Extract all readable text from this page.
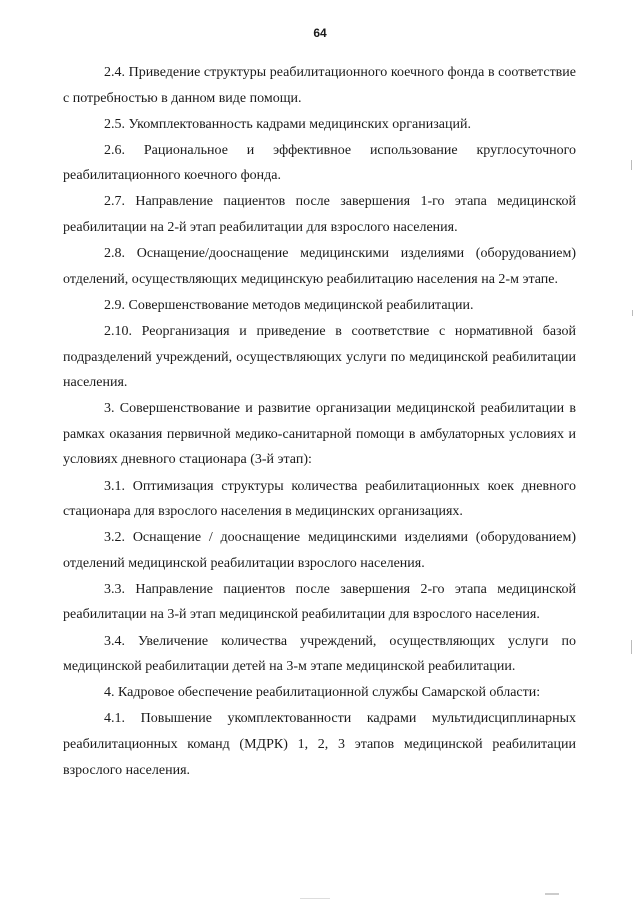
64

2.4. Приведение структуры реабилитационного коечного фонда в соответствие с потребностью в данном виде помощи.

2.5. Укомплектованность кадрами медицинских организаций.

2.6. Рациональное и эффективное использование круглосуточного реабилитационного коечного фонда.

2.7. Направление пациентов после завершения 1-го этапа медицинской реабилитации на 2-й этап реабилитации для взрослого населения.

2.8. Оснащение/дооснащение медицинскими изделиями (оборудованием) отделений, осуществляющих медицинскую реабилитацию населения на 2-м этапе.

2.9. Совершенствование методов медицинской реабилитации.

2.10. Реорганизация и приведение в соответствие с нормативной базой подразделений учреждений, осуществляющих услуги по медицинской реабилитации населения.

3. Совершенствование и развитие организации медицинской реабилитации в рамках оказания первичной медико-санитарной помощи в амбулаторных условиях и условиях дневного стационара (3-й этап):

3.1. Оптимизация структуры количества реабилитационных коек дневного стационара для взрослого населения в медицинских организациях.

3.2. Оснащение / дооснащение медицинскими изделиями (оборудованием) отделений медицинской реабилитации взрослого населения.

3.3. Направление пациентов после завершения 2-го этапа медицинской реабилитации на 3-й этап медицинской реабилитации для взрослого населения.

3.4. Увеличение количества учреждений, осуществляющих услуги по медицинской реабилитации детей на 3-м этапе медицинской реабилитации.

4. Кадровое обеспечение реабилитационной службы Самарской области:

4.1. Повышение укомплектованности кадрами мультидисциплинарных реабилитационных команд (МДРК) 1, 2, 3 этапов медицинской реабилитации взрослого населения.
